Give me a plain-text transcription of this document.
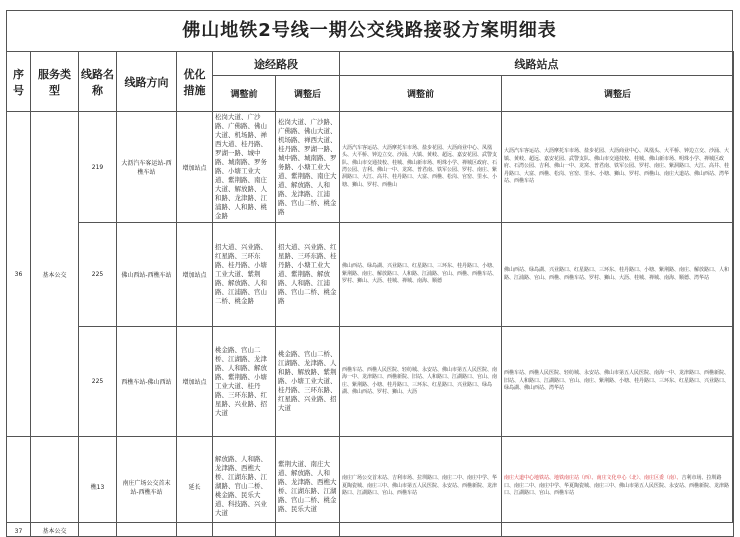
佛山地铁2号线一期公交线路接驳方案明细表
序号	服务类型	线路名称	线路方向	优化措施	途经路段		线路站点	
					调整前	调整后	调整前	调整后
36	基本公交	219	大沥汽车客运站-西樵车站	增加站点	松岗大道、广沙路、广佛路、佛山大道、机场路、禅西大道、桂丹路、罗湖一路、城中路、城南路、罗务路、小塘工业大道、紫荆路、南庄大道、解放路、人和路、龙津路、江浦路、人和路、桃金路	松岗大道、广沙路、广佛路、佛山大道、机场路、禅西大道、桂丹路、罗湖一路、城中路、城南路、罗务路、小塘工业大道、紫荆路、南庄大道、解放路、人和路、龙津路、江浦路、官山二桥、桃金路	大沥汽车客运站、大沥摩托车市场、盐步花园、大沥商业中心、凤凰头、大平桥、钟边立交、沙涌、大镇、黄岐、超远、嘉安花园、武警支队、佛山市交通技校、桂城、佛山新市场、明珠小学、禅城区政府、石湾公园、吉利、佛山一中、龙窝、普君南、铁军公园、罗村、南庄、紫洞路口、大江、高井、桂丹路口、大富、西樵、松岗、官窑、里水、小塘、狮山、罗村、西樵山	大沥汽车客运站、大沥摩托车市场、盐步花园、大沥商业中心、凤凰头、大平桥、钟边立交、沙涌、大镇、黄岐、超远、嘉安花园、武警支队、佛山市交通技校、桂城、佛山新市场、明珠小学、禅城区政府、石湾公园、吉利、佛山一中、龙窝、普君南、铁军公园、罗村、南庄、紫洞路口、大江、高井、桂丹路口、大富、西樵、松岗、官窑、里水、小塘、狮山、罗村、西樵山、南庄大道站、佛山西站、湾华站、西樵车站
		225	佛山西站-西樵车站	增加站点	招大道、兴业路、红星路、三环东路、桂丹路、小塘工业大道、紫荆路、解放路、人和路、江浦路、官山二桥、桃金路	招大道、兴业路、红星路、三环东路、桂丹路、小塘工业大道、紫荆路、解放路、人和路、江浦路、官山二桥、桃金路	佛山西站、绿岛湖、兴业路口、红星路口、三环东、桂丹路口、小塘、紫荆路、南庄、解放路口、人和路、江浦路、官山、西樵、西樵车站、罗村、狮山、大沥、桂城、禅城、南海、顺德	佛山西站、绿岛湖、兴业路口、红星路口、三环东、桂丹路口、小塘、紫荆路、南庄、解放路口、人和路、江浦路、官山、西樵、西樵车站、罗村、狮山、大沥、桂城、禅城、南海、顺德、湾华站
		225	西樵车站-佛山西站	增加站点	桃金路、官山二桥、江湖路、龙津路、人和路、解放路、紫荆路、小塘工业大道、桂丹路、三环东路、红星路、兴业路、招大道	桃金路、官山二桥、江湖路、龙津路、人和路、解放路、紫荆路、小塘工业大道、桂丹路、三环东路、红星路、兴业路、招大道	西樵车站、西樵人民医院、轻纺城、永安站、佛山市第五人民医院、南海一中、龙津路口、西樵新院、旧站、人和路口、江湖路口、官山、南庄、紫荆路、小塘、桂丹路口、三环东、红星路口、兴业路口、绿岛湖、佛山西站、罗村、狮山、大沥	西樵车站、西樵人民医院、轻纺城、永安站、佛山市第五人民医院、南海一中、龙津路口、西樵新院、旧站、人和路口、江湖路口、官山、南庄、紫荆路、小塘、桂丹路口、三环东、红星路口、兴业路口、绿岛湖、佛山西站、湾华站
37	基本公交	樵13	南庄广场公交首末站-西樵车站	延长	解放路、人和路、龙津路、西樵大桥、江湖东路、江湖路、官山二桥、桃金路、民乐大道、科技路、兴业大道	紫荆大道、南庄大道、解放路、人和路、龙津路、西樵大桥、江湖东路、江湖路、官山二桥、桃金路、民乐大道	南庄广场公交首末站、吉利市场、拉圳路口、南庄二中、南庄中学、华夏陶瓷城、南庄三中、佛山市第五人民医院、永安站、西樵新院、龙津路口、江湖路口、官山、西樵车站	南庄大道中心地铁站、地铁南庄站（西）、南庄文化中心（北）、南庄区委（南）、吉利市场、拉圳路口、南庄二中、南庄中学、华夏陶瓷城、南庄三中、佛山市第五人民医院、永安站、西樵新院、龙津路口、江湖路口、官山、西樵车站
